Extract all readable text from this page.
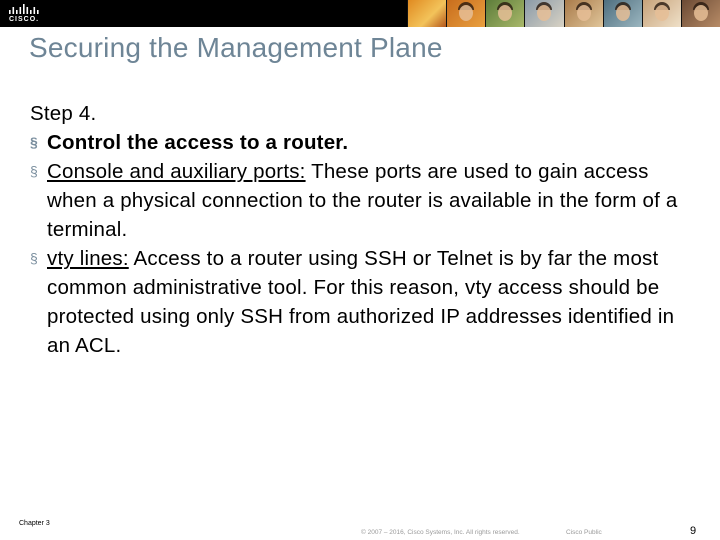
CISCO.
Securing the Management Plane

Step 4.

§ Control the access to a router.

§ Console and auxiliary ports: These ports are used to gain access when a physical connection to the router is available in the form of a terminal.

§ vty lines: Access to a router using SSH or Telnet is by far the most common administrative tool. For this reason, vty access should be protected using only SSH from authorized IP addresses identified in an ACL.

Chapter 3
© 2007 – 2016, Cisco Systems, Inc. All rights reserved.	Cisco Public	9
